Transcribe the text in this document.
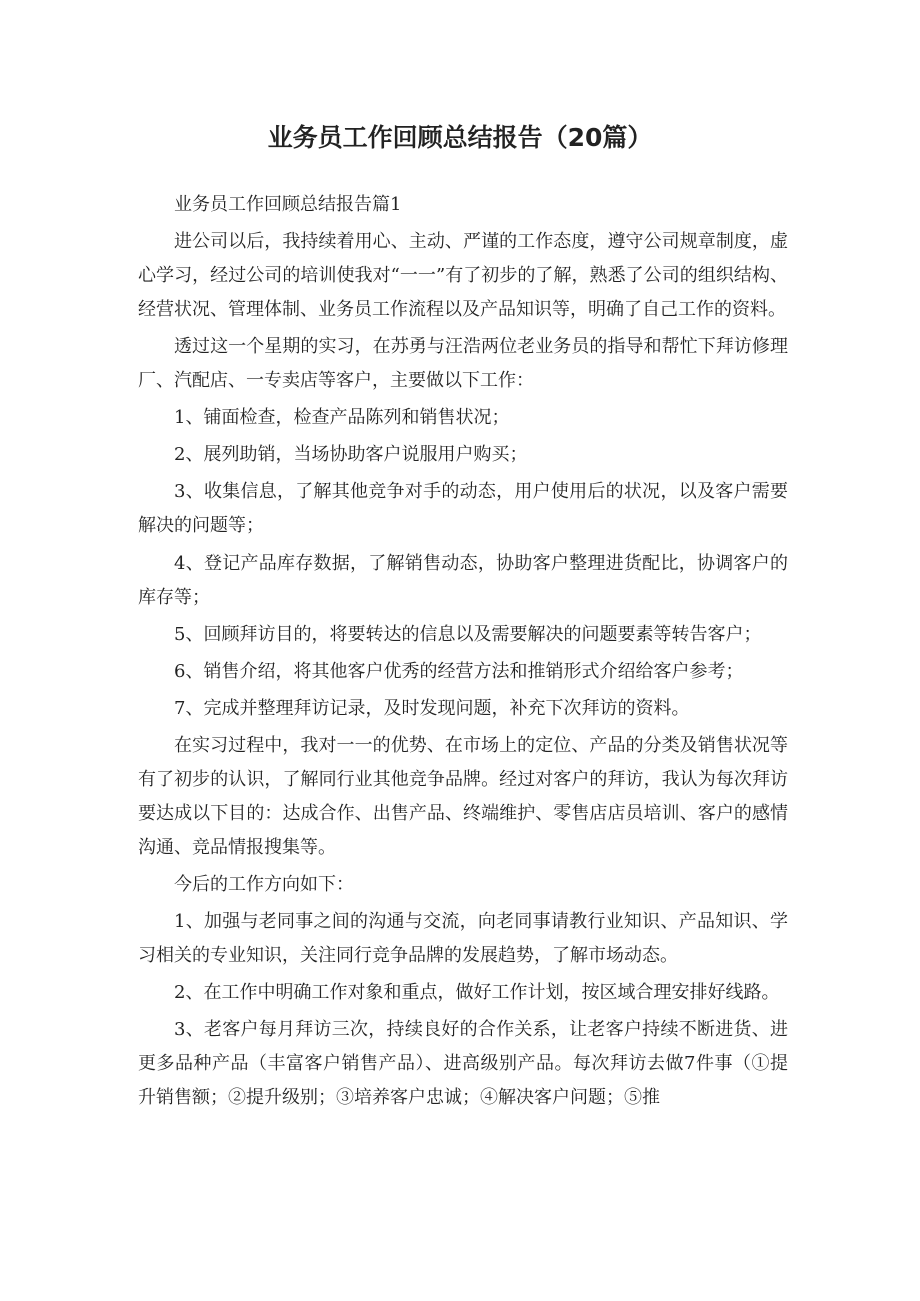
业务员工作回顾总结报告（20篇）

业务员工作回顾总结报告篇1

进公司以后，我持续着用心、主动、严谨的工作态度，遵守公司规章制度，虚心学习，经过公司的培训使我对“一一”有了初步的了解，熟悉了公司的组织结构、经营状况、管理体制、业务员工作流程以及产品知识等，明确了自己工作的资料。

透过这一个星期的实习，在苏勇与汪浩两位老业务员的指导和帮忙下拜访修理厂、汽配店、一专卖店等客户，主要做以下工作：

1、铺面检查，检查产品陈列和销售状况；

2、展列助销，当场协助客户说服用户购买；

3、收集信息，了解其他竞争对手的动态，用户使用后的状况，以及客户需要解决的问题等；

4、登记产品库存数据，了解销售动态，协助客户整理进货配比，协调客户的库存等；

5、回顾拜访目的，将要转达的信息以及需要解决的问题要素等转告客户；

6、销售介绍，将其他客户优秀的经营方法和推销形式介绍给客户参考；

7、完成并整理拜访记录，及时发现问题，补充下次拜访的资料。

在实习过程中，我对一一的优势、在市场上的定位、产品的分类及销售状况等有了初步的认识，了解同行业其他竞争品牌。经过对客户的拜访，我认为每次拜访要达成以下目的：达成合作、出售产品、终端维护、零售店店员培训、客户的感情沟通、竞品情报搜集等。

今后的工作方向如下：

1、加强与老同事之间的沟通与交流，向老同事请教行业知识、产品知识、学习相关的专业知识，关注同行竞争品牌的发展趋势，了解市场动态。

2、在工作中明确工作对象和重点，做好工作计划，按区域合理安排好线路。

3、老客户每月拜访三次，持续良好的合作关系，让老客户持续不断进货、进更多品种产品（丰富客户销售产品）、进高级别产品。每次拜访去做7件事（①提升销售额；②提升级别；③培养客户忠诚；④解决客户问题；⑤推
